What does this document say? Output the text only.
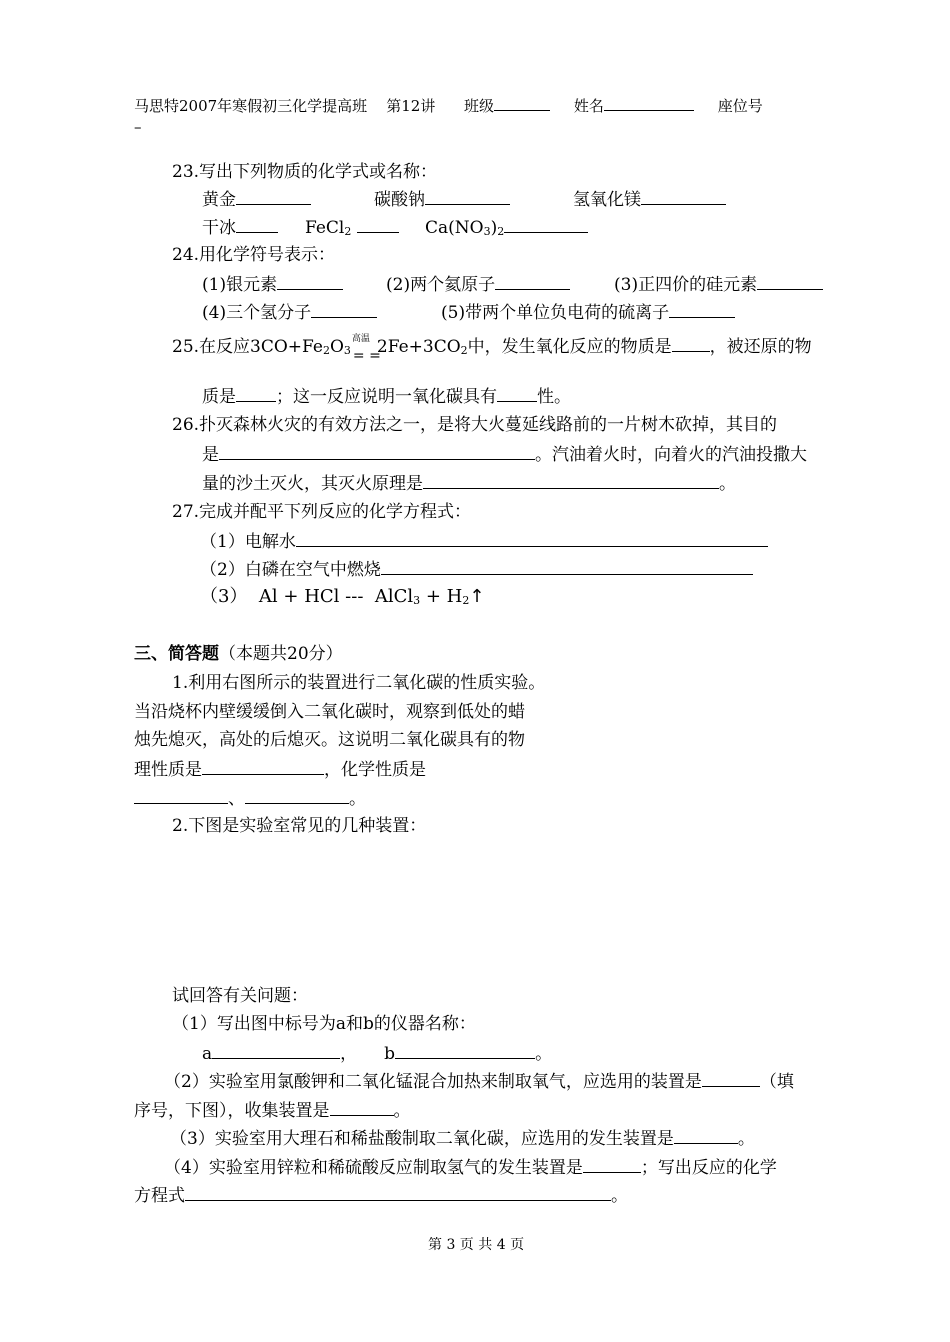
马思特2007年寒假初三化学提高班 第12讲 班级	姓名	座位号
–
23.写出下列物质的化学式或名称：
黄金	碳酸钠	氢氧化镁
干冰	FeCl$_2$	$Ca(NO_3)_2$
24.用化学符号表示：
(1)银元素	(2)两个氦原子	(3)正四价的硅元素
(4)三个氢分子	(5)带两个单位负电荷的硫离子
25.在反应$3CO+Fe_2O_3$
高温
= =
$2Fe+3CO_2$中，发生氧化反应的物质是 ，被还原的物
质是 ；这一反应说明一氧化碳具有 性。
26.扑灭森林火灾的有效方法之一，是将大火蔓延线路前的一片树木砍掉，其目的
是	。汽油着火时，向着火的汽油投撒大
量的沙土灭火，其灭火原理是	。
27.完成并配平下列反应的化学方程式：
（1）电解水
（2）白磷在空气中燃烧
（3） Al + HCl --- AlCl$_3$ + $H_2↑$
三、简答题（本题共20分）
1.利用右图所示的装置进行二氧化碳的性质实验。
当沿烧杯内壁缓缓倒入二氧化碳时，观察到低处的蜡
烛先熄灭，高处的后熄灭。这说明二氧化碳具有的物
理性质是	，化学性质是
、	。
2.下图是实验室常见的几种装置：
试回答有关问题：
（1）写出图中标号为a和b的仪器名称：
a	， b	。
（2）实验室用氯酸钾和二氧化锰混合加热来制取氧气，应选用的装置是	（填
序号，下图），收集装置是	。
（3）实验室用大理石和稀盐酸制取二氧化碳，应选用的发生装置是	。
（4）实验室用锌粒和稀硫酸反应制取氢气的发生装置是	；写出反应的化学
方程式	。
第 3 页 共 4 页
